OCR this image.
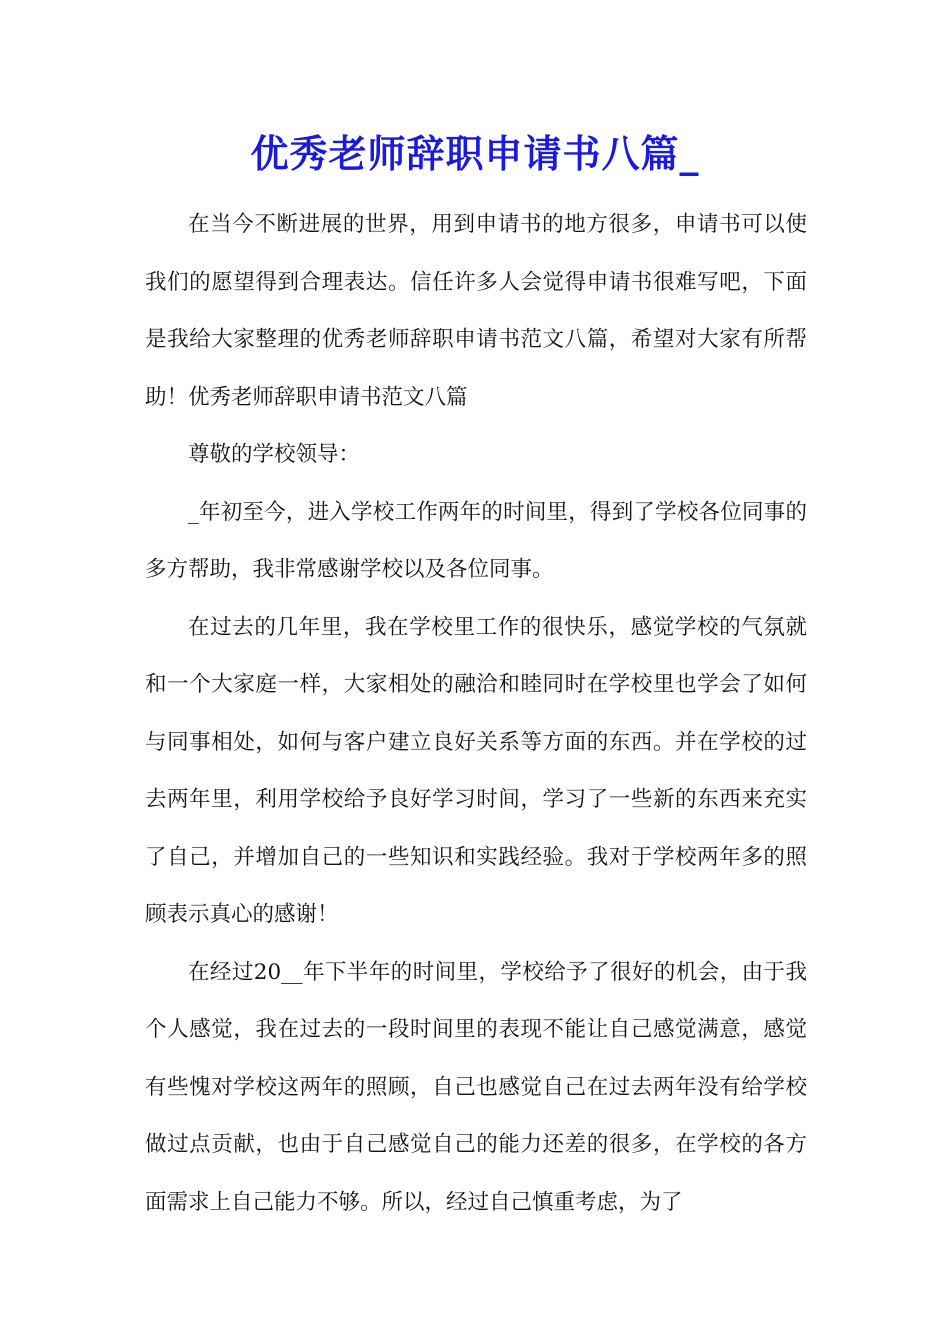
优秀老师辞职申请书八篇_

在当今不断进展的世界，用到申请书的地方很多，申请书可以使我们的愿望得到合理表达。信任许多人会觉得申请书很难写吧，下面是我给大家整理的优秀老师辞职申请书范文八篇，希望对大家有所帮助！优秀老师辞职申请书范文八篇

尊敬的学校领导：

_年初至今，进入学校工作两年的时间里，得到了学校各位同事的多方帮助，我非常感谢学校以及各位同事。

在过去的几年里，我在学校里工作的很快乐，感觉学校的气氛就和一个大家庭一样，大家相处的融洽和睦同时在学校里也学会了如何与同事相处，如何与客户建立良好关系等方面的东西。并在学校的过去两年里，利用学校给予良好学习时间，学习了一些新的东西来充实了自己，并增加自己的一些知识和实践经验。我对于学校两年多的照顾表示真心的感谢！

在经过20__年下半年的时间里，学校给予了很好的机会，由于我个人感觉，我在过去的一段时间里的表现不能让自己感觉满意，感觉有些愧对学校这两年的照顾，自己也感觉自己在过去两年没有给学校做过点贡献，也由于自己感觉自己的能力还差的很多，在学校的各方面需求上自己能力不够。所以，经过自己慎重考虑，为了
